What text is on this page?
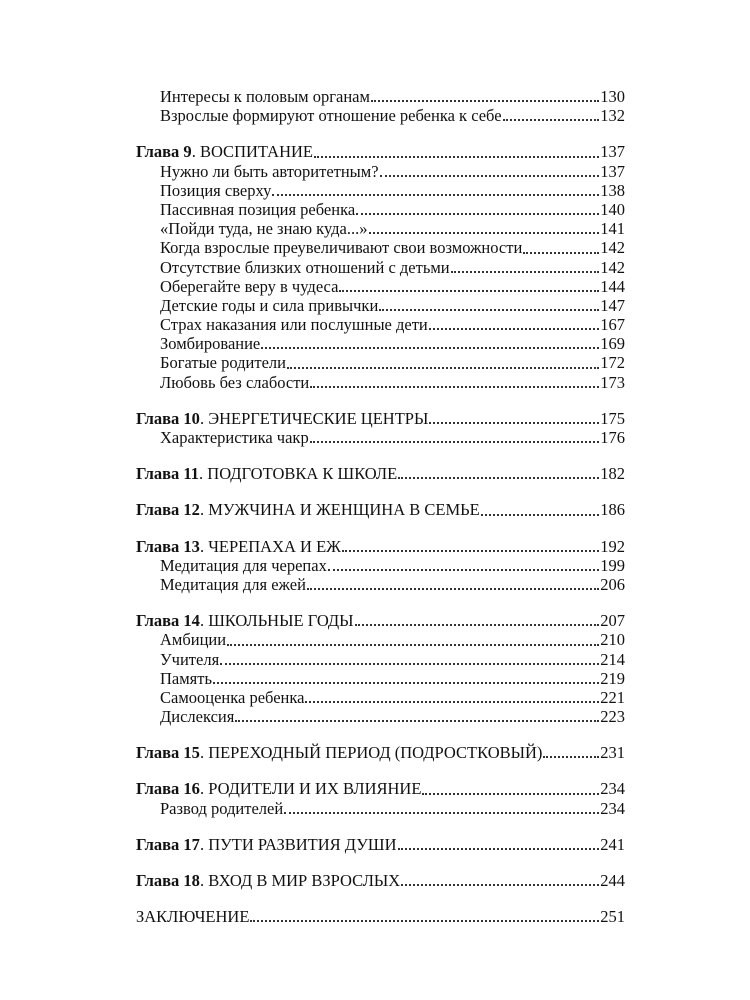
Интересы к половым органам	130
Взрослые формируют отношение ребенка к себе	132
Глава 9. ВОСПИТАНИЕ	137
Нужно ли быть авторитетным?	137
Позиция сверху	138
Пассивная позиция ребенка	140
«Пойди туда, не знаю куда...»	141
Когда взрослые преувеличивают свои возможности	142
Отсутствие близких отношений с детьми	142
Оберегайте веру в чудеса	144
Детские годы и сила привычки	147
Страх наказания или послушные дети	167
Зомбирование	169
Богатые родители	172
Любовь без слабости	173
Глава 10. ЭНЕРГЕТИЧЕСКИЕ ЦЕНТРЫ	175
Характеристика чакр	176
Глава 11. ПОДГОТОВКА К ШКОЛЕ	182
Глава 12. МУЖЧИНА И ЖЕНЩИНА В СЕМЬЕ	186
Глава 13. ЧЕРЕПАХА И ЕЖ	192
Медитация для черепах	199
Медитация для ежей	206
Глава 14. ШКОЛЬНЫЕ ГОДЫ	207
Амбиции	210
Учителя	214
Память	219
Самооценка ребенка	221
Дислексия	223
Глава 15. ПЕРЕХОДНЫЙ ПЕРИОД (ПОДРОСТКОВЫЙ)	231
Глава 16. РОДИТЕЛИ И ИХ ВЛИЯНИЕ	234
Развод родителей	234
Глава 17. ПУТИ РАЗВИТИЯ ДУШИ	241
Глава 18. ВХОД В МИР ВЗРОСЛЫХ	244
ЗАКЛЮЧЕНИЕ	251
